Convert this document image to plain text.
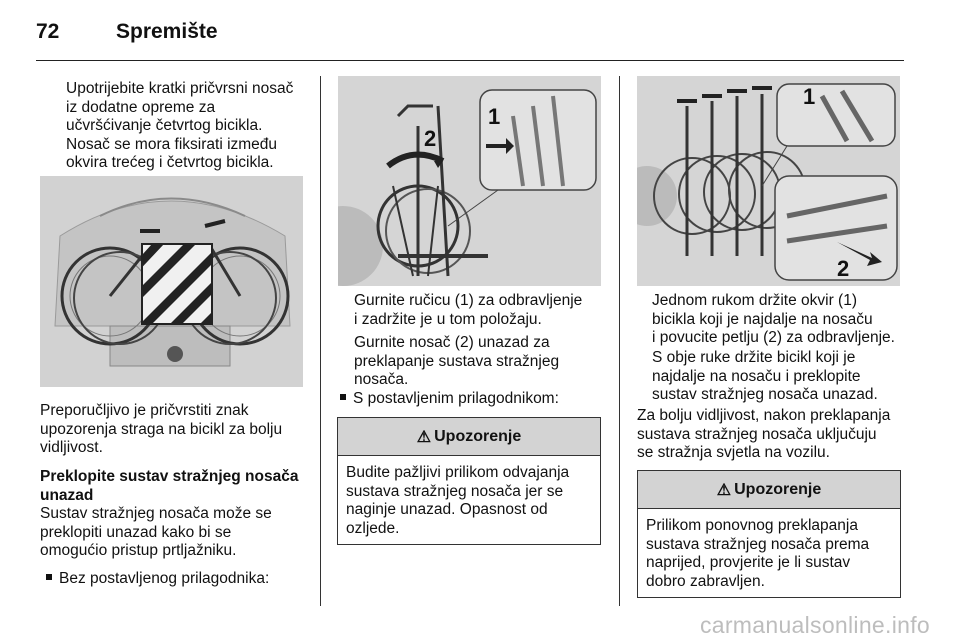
72	Spremište
Upotrijebite kratki pričvrsni nosač
iz dodatne opreme za
učvršćivanje četvrtog bicikla.
Nosač se mora fiksirati između
okvira trećeg i četvrtog bicikla.
Preporučljivo je pričvrstiti znak
upozorenja straga na bicikl za bolju
vidljivost.
Preklopite sustav stražnjeg nosača
unazad
Sustav stražnjeg nosača može se
preklopiti unazad kako bi se
omogućio pristup prtljažniku.
Bez postavljenog prilagodnika:
1
2
Gurnite ručicu (1) za odbravljenje
i zadržite je u tom položaju.
Gurnite nosač (2) unazad za
preklapanje sustava stražnjeg
nosača.
S postavljenim prilagodnikom:
⚠ Upozorenje
Budite pažljivi prilikom odvajanja
sustava stražnjeg nosača jer se
naginje unazad. Opasnost od
ozljede.
1
2
Jednom rukom držite okvir (1)
bicikla koji je najdalje na nosaču
i povucite petlju (2) za odbravljenje.
S obje ruke držite bicikl koji je
najdalje na nosaču i preklopite
sustav stražnjeg nosača unazad.
Za bolju vidljivost, nakon preklapanja
sustava stražnjeg nosača uključuju
se stražnja svjetla na vozilu.
⚠ Upozorenje
Prilikom ponovnog preklapanja
sustava stražnjeg nosača prema
naprijed, provjerite je li sustav
dobro zabravljen.
carmanualsonline.info
